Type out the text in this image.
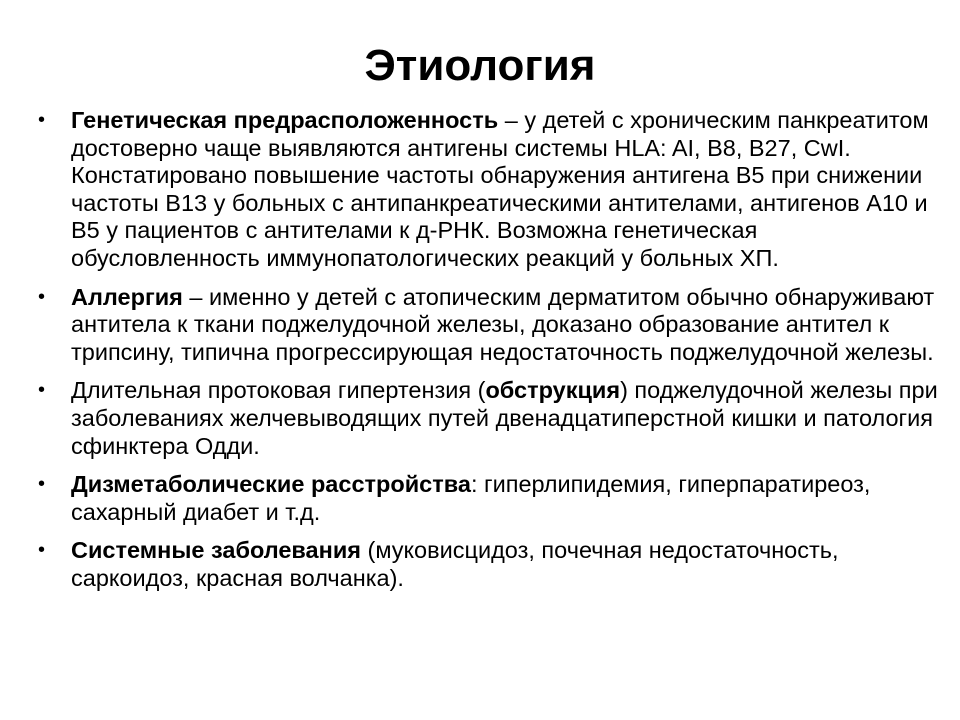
Этиология
•	Генетическая предрасположенность – у детей с хроническим панкреатитом достоверно чаще выявляются антигены системы HLA: AI, B8, B27, CwI. Констатировано повышение частоты обнаружения антигена B5 при снижении частоты B13 у больных с антипанкреатическими антителами, антигенов A10 и B5 у пациентов с антителами к д-РНК. Возможна генетическая обусловленность иммунопатологических реакций у больных ХП.
•	Аллергия – именно у детей с атопическим дерматитом обычно обнаруживают антитела к ткани поджелудочной железы, доказано образование антител к трипсину, типична прогрессирующая недостаточность поджелудочной железы.
•	Длительная протоковая гипертензия (обструкция) поджелудочной железы при заболеваниях желчевыводящих путей двенадцатиперстной кишки и патология сфинктера Одди.
•	Дизметаболические расстройства: гиперлипидемия, гиперпаратиреоз, сахарный диабет и т.д.
•	Системные заболевания (муковисцидоз, почечная недостаточность, саркоидоз, красная волчанка).
